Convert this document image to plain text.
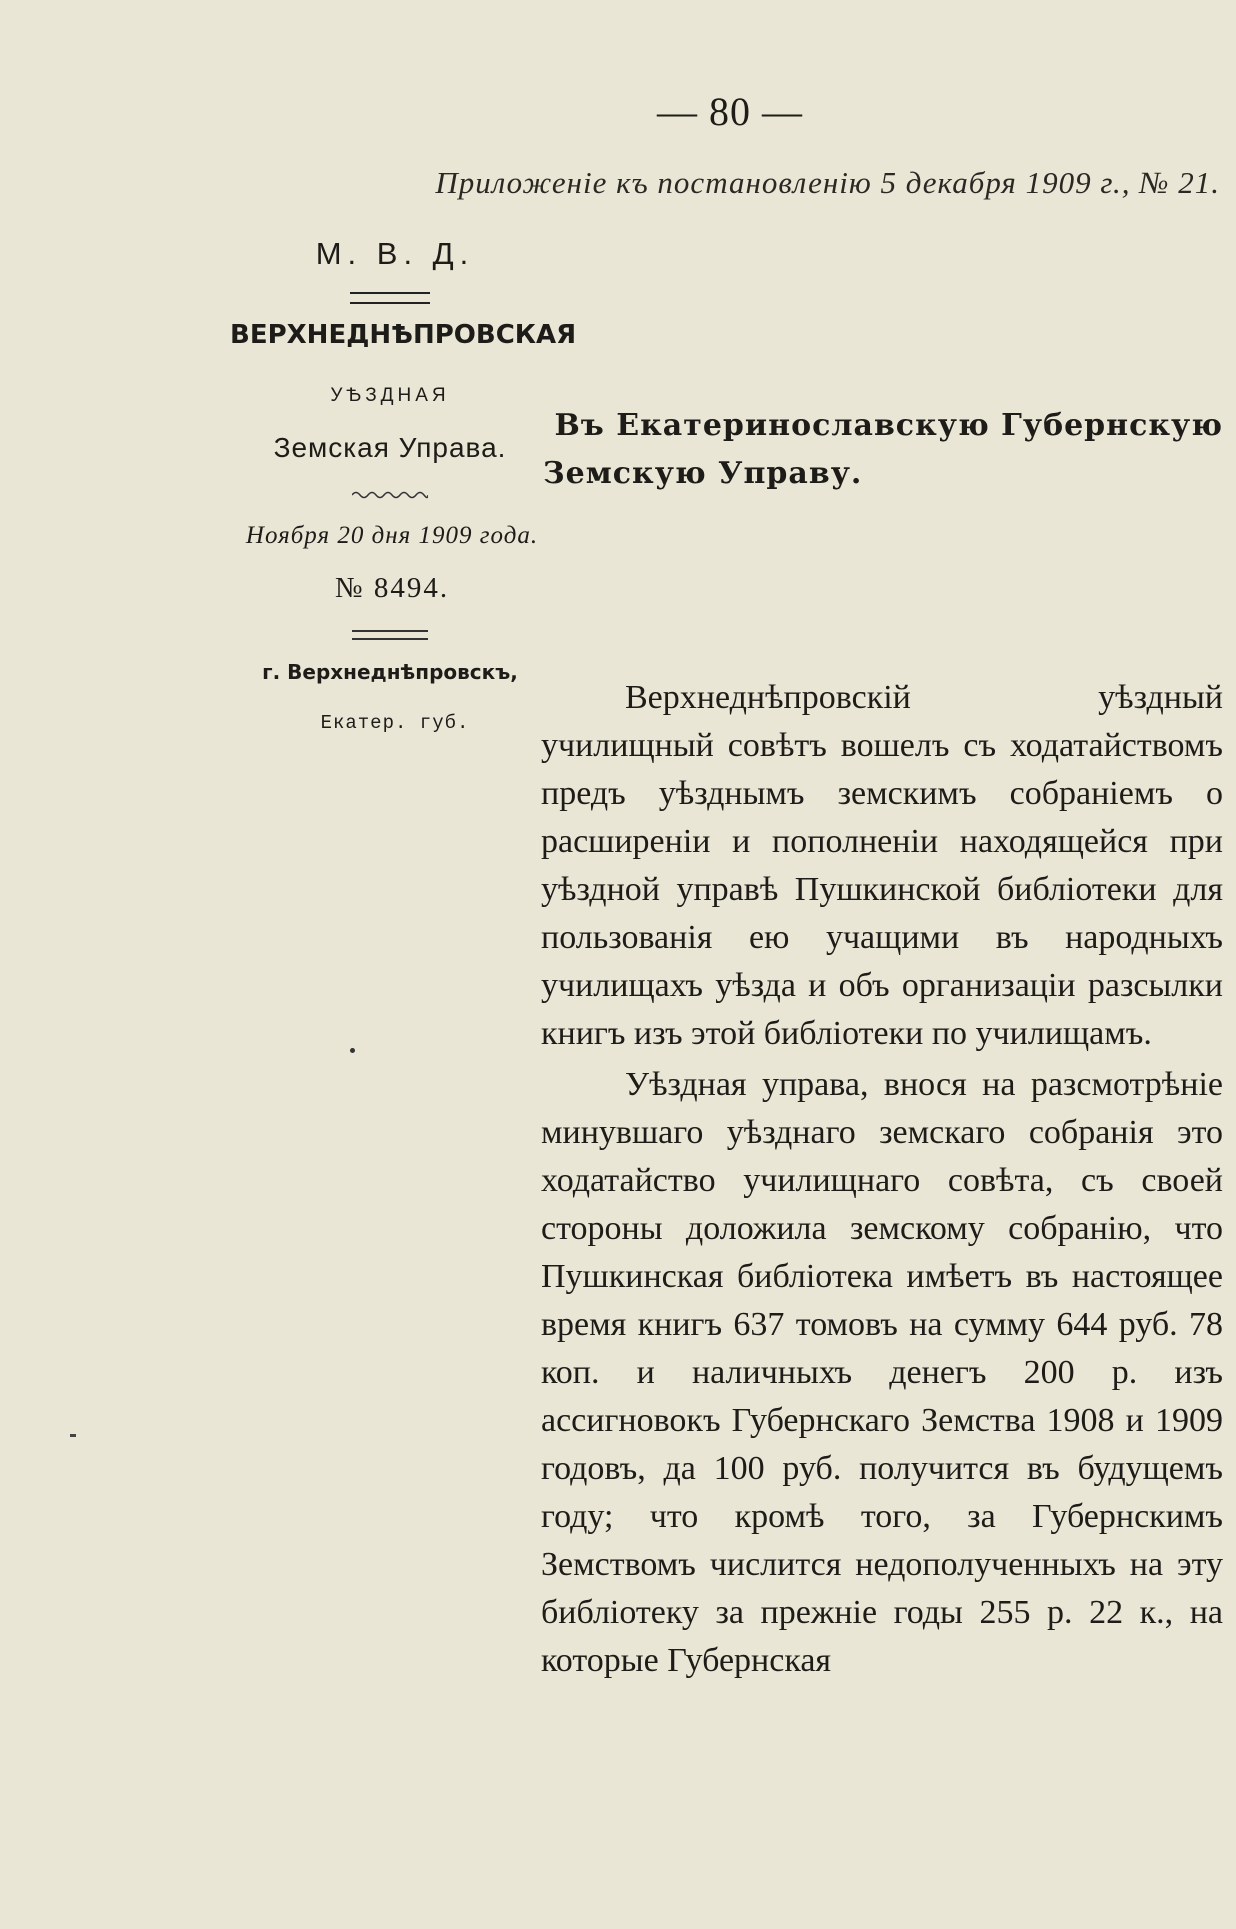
— 80 —
Приложеніе къ постановленію 5 декабря 1909 г., № 21.
М. В. Д.
ВЕРХНЕДНѢПРОВСКАЯ
УѢЗДНАЯ
Земская Управа.
Ноября 20 дня 1909 года.
№ 8494.
г. Верхнеднѣпровскъ,
Екатер. губ.
Въ Екатеринославскую Губернскую
Земскую Управу.

Верхнеднѣпровскій уѣздный училищный совѣтъ вошелъ съ ходатайствомъ предъ уѣзднымъ земскимъ собраніемъ о расширеніи и пополненіи находящейся при уѣздной управѣ Пушкинской библіотеки для пользованія ею учащими въ народныхъ училищахъ уѣзда и объ организаціи разсылки книгъ изъ этой библіотеки по училищамъ.

Уѣздная управа, внося на разсмотрѣніе минувшаго уѣзднаго земскаго собранія это ходатайство училищнаго совѣта, съ своей стороны доложила земскому собранію, что Пушкинская библіотека имѣетъ въ настоящее время книгъ 637 томовъ на сумму 644 руб. 78 коп. и наличныхъ денегъ 200 р. изъ ассигновокъ Губернскаго Земства 1908 и 1909 годовъ, да 100 руб. получится въ будущемъ году; что кромѣ того, за Губернскимъ Земствомъ числится недополученныхъ на эту библіотеку за прежніе годы 255 р. 22 к., на которые Губернская
